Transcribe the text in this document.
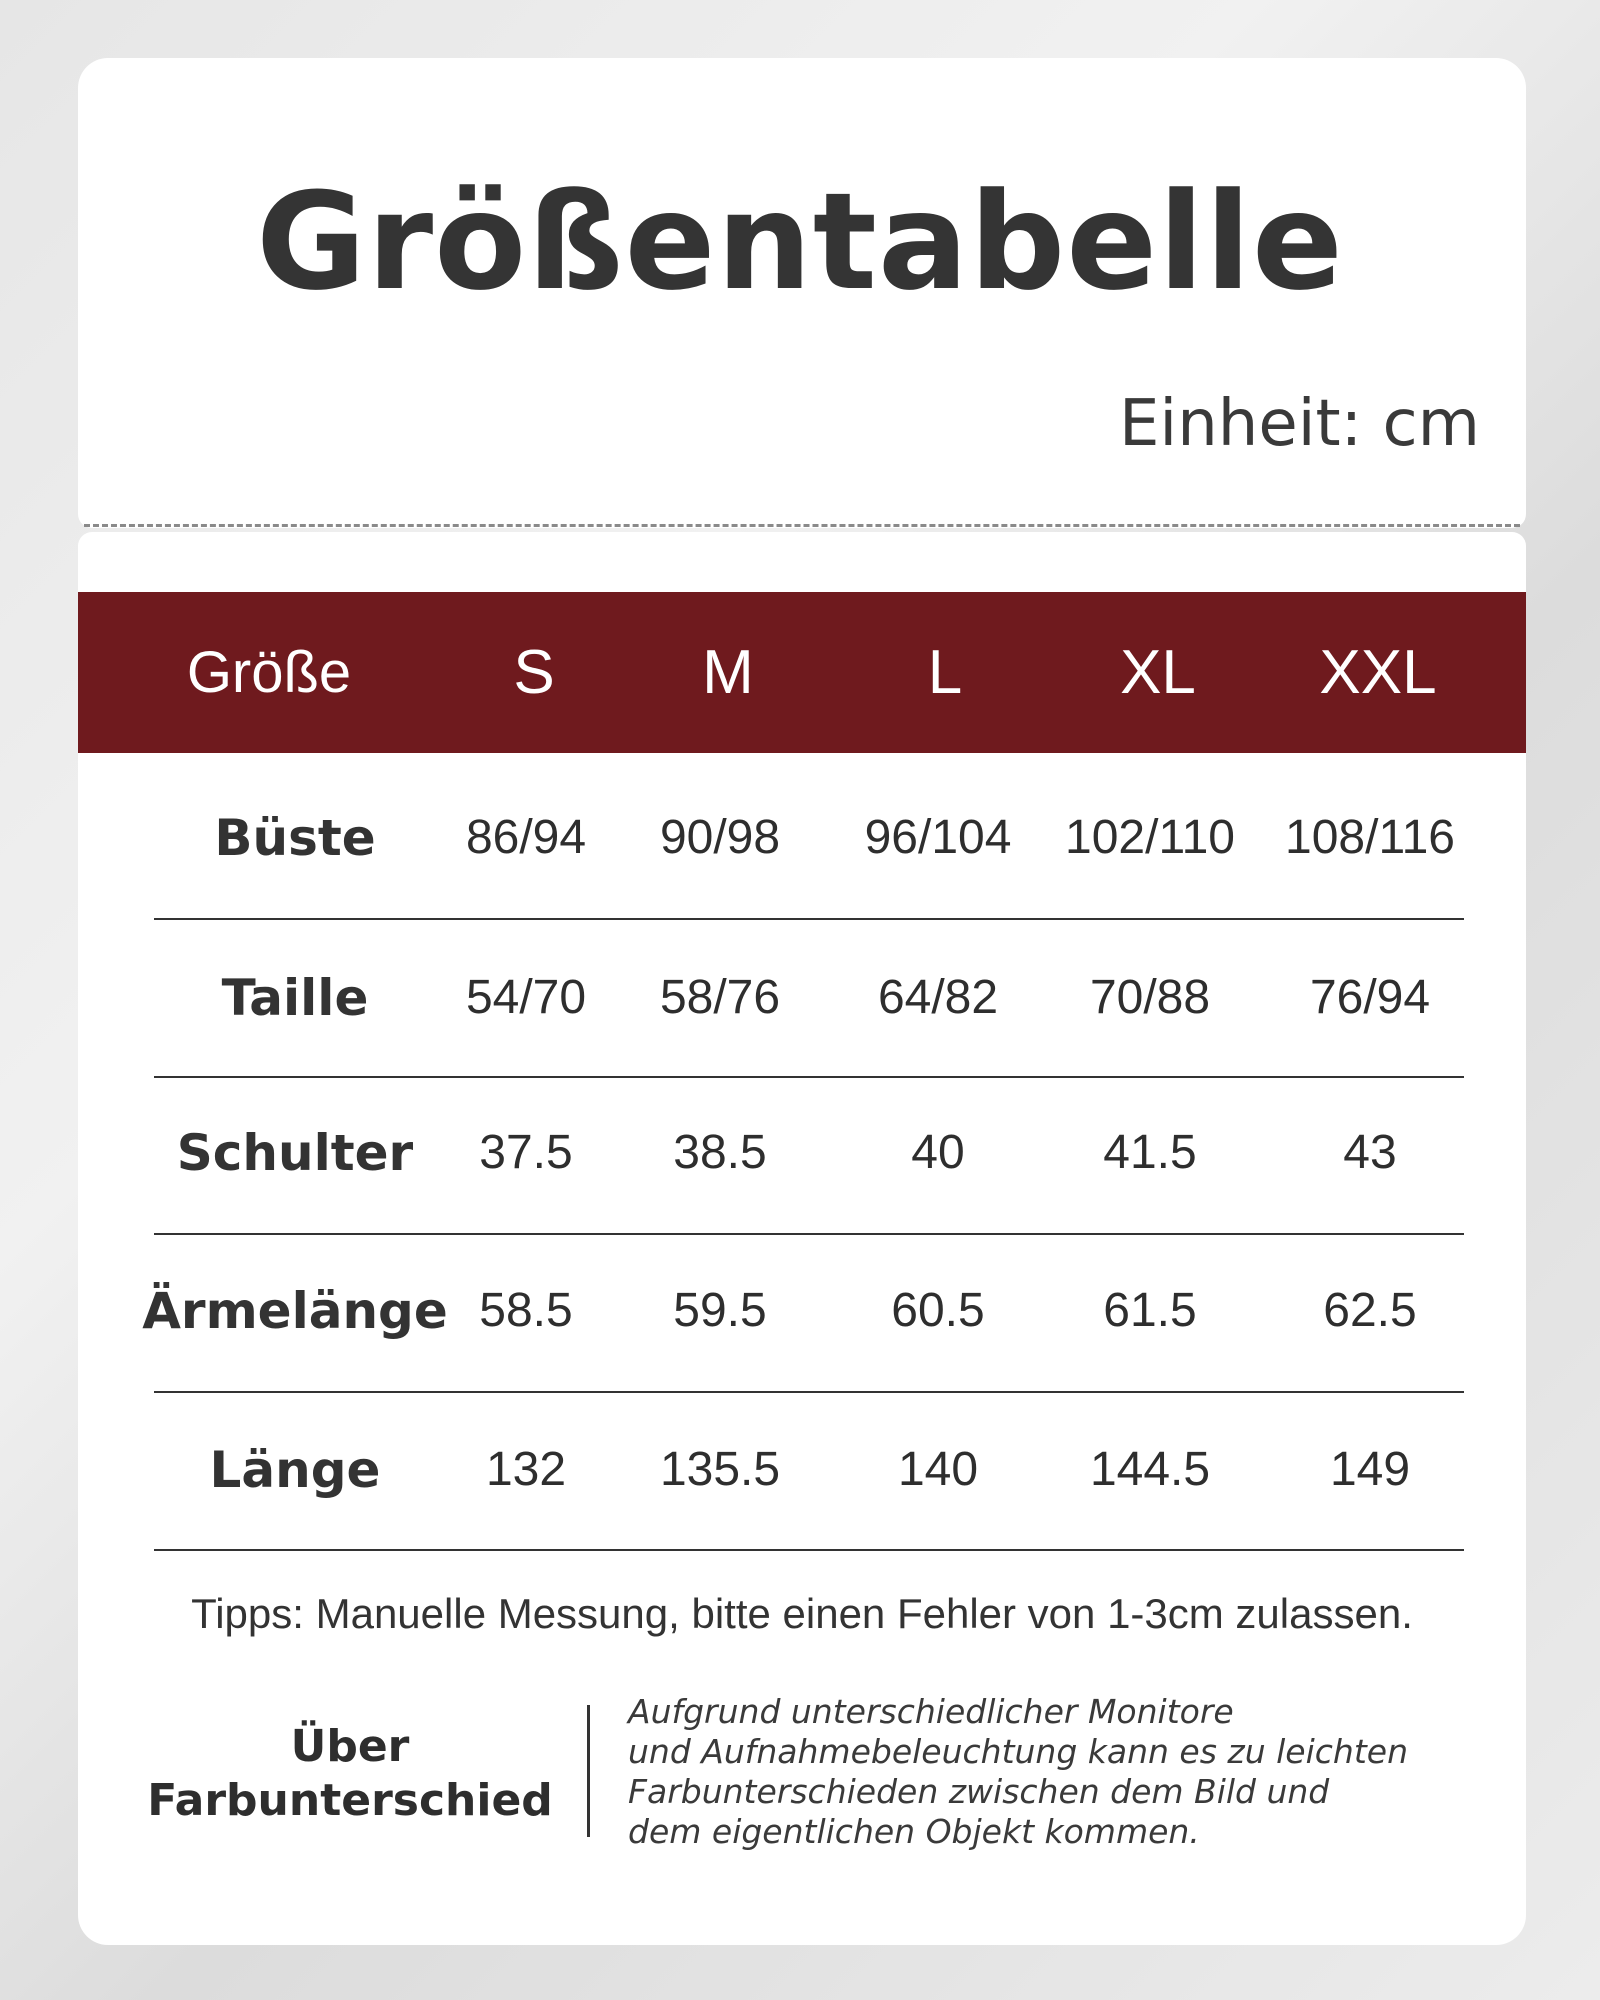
Größentabelle
Einheit: cm
Größe	S	M	L	XL	XXL
Büste	86/94	90/98	96/104	102/110	108/116
Taille	54/70	58/76	64/82	70/88	76/94
Schulter	37.5	38.5	40	41.5	43
Ärmelänge 58.5	59.5	60.5	61.5	62.5
Länge	132	135.5	140	144.5	149
Tipps: Manuelle Messung, bitte einen Fehler von 1-3cm zulassen.
Über
Farbunterschied
Aufgrund unterschiedlicher Monitore
und Aufnahmebeleuchtung kann es zu leichten
Farbunterschieden zwischen dem Bild und
dem eigentlichen Objekt kommen.
